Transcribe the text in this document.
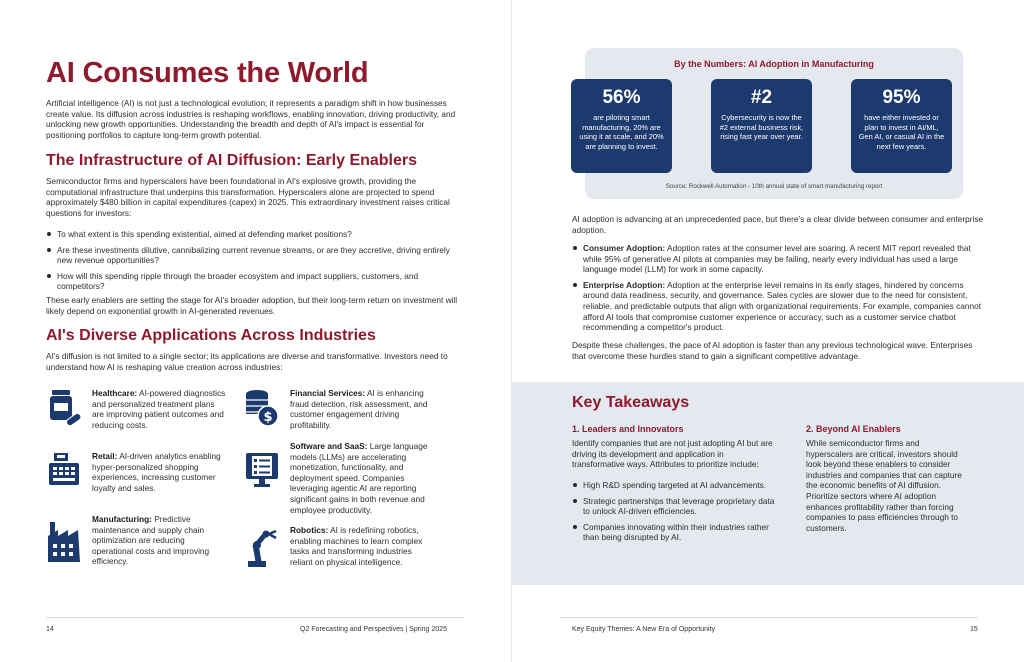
AI Consumes the World
Artificial intelligence (AI) is not just a technological evolution; it represents a paradigm shift in how businesses create value. Its diffusion across industries is reshaping workflows, enabling innovation, driving productivity, and unlocking new growth opportunities. Understanding the breadth and depth of AI's impact is essential for positioning portfolios to capture long-term growth potential.
The Infrastructure of AI Diffusion: Early Enablers
Semiconductor firms and hyperscalers have been foundational in AI's explosive growth, providing the computational infrastructure that underpins this transformation. Hyperscalers alone are projected to spend approximately $480 billion in capital expenditures (capex) in 2025. This extraordinary investment raises critical questions for investors:
To what extent is this spending existential, aimed at defending market positions?
Are these investments dilutive, cannibalizing current revenue streams, or are they accretive, driving entirely new revenue opportunities?
How will this spending ripple through the broader ecosystem and impact suppliers, customers, and competitors?
These early enablers are setting the stage for AI's broader adoption, but their long-term return on investment will likely depend on exponential growth in AI-generated revenues.
AI's Diverse Applications Across Industries
AI's diffusion is not limited to a single sector; its applications are diverse and transformative. Investors need to understand how AI is reshaping value creation across industries:
Healthcare: AI-powered diagnostics and personalized treatment plans are improving patient outcomes and reducing costs.
Retail: AI-driven analytics enabling hyper-personalized shopping experiences, increasing customer loyalty and sales.
Manufacturing: Predictive maintenance and supply chain optimization are reducing operational costs and improving efficiency.
$
Financial Services: AI is enhancing fraud detection, risk assessment, and customer engagement driving profitability.
Software and SaaS: Large language models (LLMs) are accelerating monetization, functionality, and deployment speed. Companies leveraging agentic AI are reporting significant gains in both revenue and employee productivity.
Robotics: AI is redefining robotics, enabling machines to learn complex tasks and transforming industries reliant on physical intelligence.
14	Q2 Forecasting and Perspectives | Spring 2025
By the Numbers: AI Adoption in Manufacturing
56%
are piloting smart manufacturing, 20% are using it at scale, and 20% are planning to invest.
#2
Cybersecurity is now the #2 external business risk, rising fast year over year.
95%
have either invested or plan to invest in AI/ML, Gen AI, or casual AI in the next few years.
Source: Rockwell Automation - 10th annual state of smart manufacturing report
AI adoption is advancing at an unprecedented pace, but there's a clear divide between consumer and enterprise adoption.
Consumer Adoption: Adoption rates at the consumer level are soaring. A recent MIT report revealed that while 95% of generative AI pilots at companies may be failing, nearly every individual has used a large language model (LLM) for work in some capacity.
Enterprise Adoption: Adoption at the enterprise level remains in its early stages, hindered by concerns around data readiness, security, and governance. Sales cycles are slower due to the need for consistent, reliable, and predictable outputs that align with organizational requirements. For example, companies cannot afford AI tools that compromise customer experience or accuracy, such as a customer service chatbot recommending a competitor's product.
Despite these challenges, the pace of AI adoption is faster than any previous technological wave. Enterprises that overcome these hurdles stand to gain a significant competitive advantage.
Key Takeaways
1. Leaders and Innovators
Identify companies that are not just adopting AI but are driving its development and application in transformative ways. Attributes to prioritize include:
High R&D spending targeted at AI advancements.
Strategic partnerships that leverage proprietary data to unlock AI-driven efficiencies.
Companies innovating within their industries rather than being disrupted by AI.
2. Beyond AI Enablers
While semiconductor firms and hyperscalers are critical, investors should look beyond these enablers to consider industries and companies that can capture the economic benefits of AI diffusion. Prioritize sectors where AI adoption enhances profitability rather than forcing companies to pass efficiencies through to customers.
Key Equity Themes: A New Era of Opportunity	15
